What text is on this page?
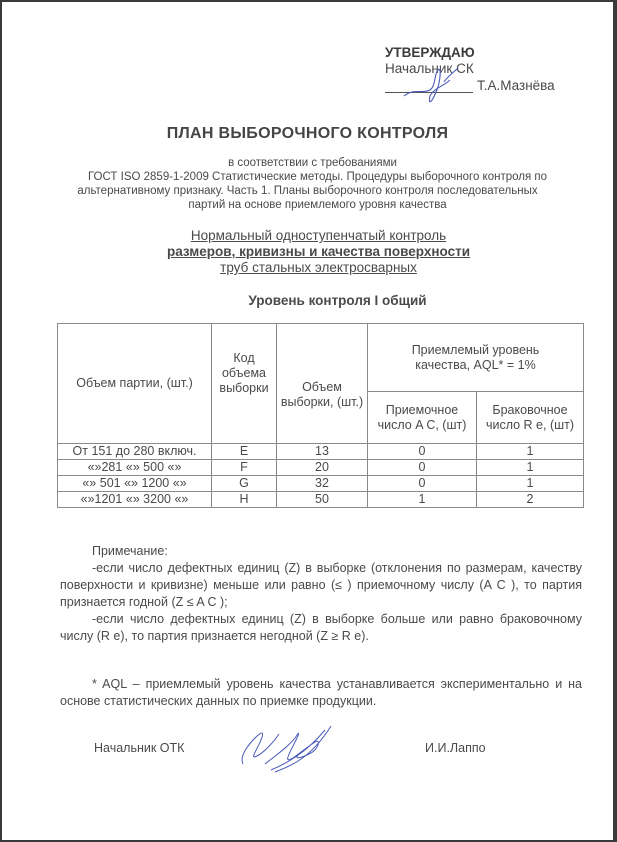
УТВЕРЖДАЮ
Начальник СК
Т.А.Мазнёва
ПЛАН ВЫБОРОЧНОГО КОНТРОЛЯ
в соответствии с требованиями
ГОСТ ISO 2859-1-2009 Статистические методы. Процедуры выборочного контроля по
альтернативному признаку. Часть 1. Планы выборочного контроля последовательных
партий на основе приемлемого уровня качества
Нормальный одноступенчатый контроль
размеров, кривизны и качества поверхности
труб стальных электросварных
Уровень контроля I общий
Объем партии, (шт.)	Код объема выборки	Объем выборки, (шт.)	Приемлемый уровень качества, AQL* = 1%	
			Приемочное число A C, (шт)	Браковочное число R e, (шт)
От 151 до 280 включ.	E	13	0	1
«»281 «» 500 «»	F	20	0	1
«» 501 «» 1200 «»	G	32	0	1
«»1201 «» 3200 «»	H	50	1	2
Примечание:
-если число дефектных единиц (Z) в выборке (отклонения по размерам, качеству поверхности и кривизне) меньше или равно (≤ ) приемочному числу (A C ), то партия признается годной (Z ≤ A C );
-если число дефектных единиц (Z) в выборке больше или равно браковочному числу (R e), то партия признается негодной (Z ≥ R e).
* AQL – приемлемый уровень качества устанавливается экспериментально и на основе статистических данных по приемке продукции.
Начальник ОТК	И.И.Лаппо
